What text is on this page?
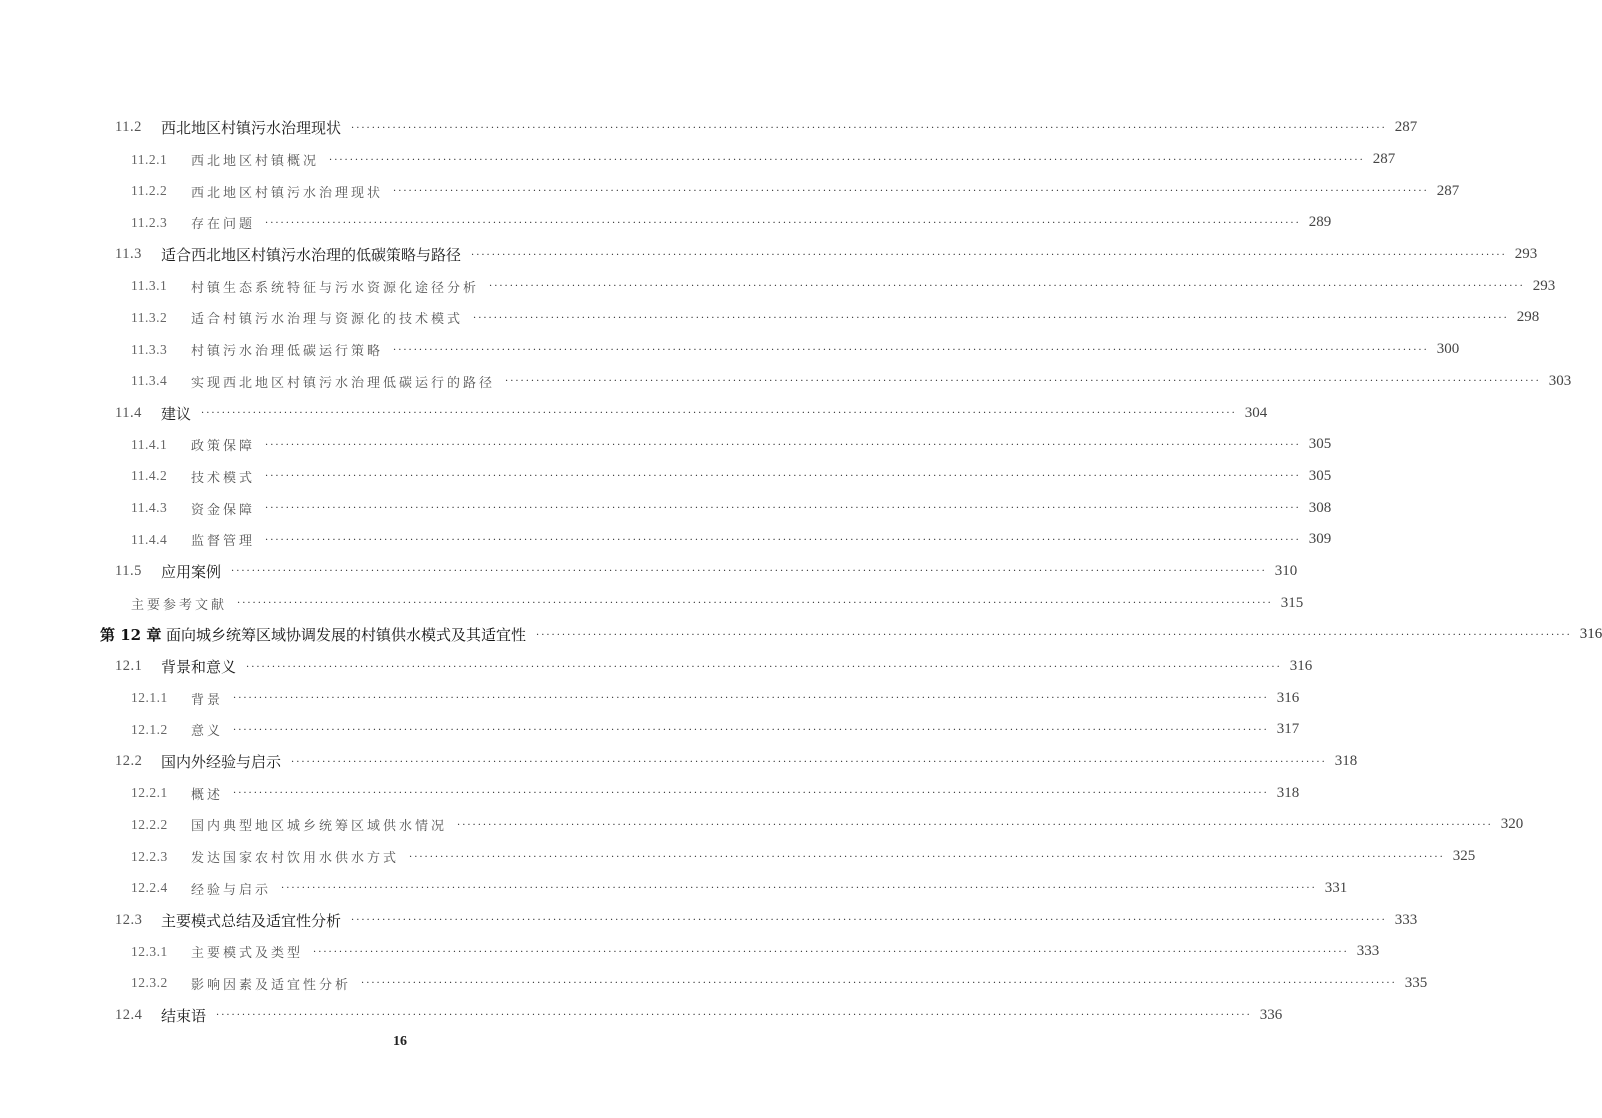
11.2	西北地区村镇污水治理现状 ········································································································································································································ 287
11.2.1	西北地区村镇概况 ········································································································································································································ 287
11.2.2	西北地区村镇污水治理现状 ········································································································································································································ 287
11.2.3	存在问题 ········································································································································································································ 289
11.3	适合西北地区村镇污水治理的低碳策略与路径 ········································································································································································································ 293
11.3.1	村镇生态系统特征与污水资源化途径分析 ········································································································································································································ 293
11.3.2	适合村镇污水治理与资源化的技术模式 ········································································································································································································ 298
11.3.3	村镇污水治理低碳运行策略 ········································································································································································································ 300
11.3.4	实现西北地区村镇污水治理低碳运行的路径 ········································································································································································································ 303
11.4	建议 ········································································································································································································ 304
11.4.1	政策保障 ········································································································································································································ 305
11.4.2	技术模式 ········································································································································································································ 305
11.4.3	资金保障 ········································································································································································································ 308
11.4.4	监督管理 ········································································································································································································ 309
11.5	应用案例 ········································································································································································································ 310
主要参考文献 ········································································································································································································ 315
第 12 章 面向城乡统筹区域协调发展的村镇供水模式及其适宜性 ········································································································································································································ 316
12.1	背景和意义 ········································································································································································································ 316
12.1.1	背景 ········································································································································································································ 316
12.1.2	意义 ········································································································································································································ 317
12.2	国内外经验与启示 ········································································································································································································ 318
12.2.1	概述 ········································································································································································································ 318
12.2.2	国内典型地区城乡统筹区域供水情况 ········································································································································································································ 320
12.2.3	发达国家农村饮用水供水方式 ········································································································································································································ 325
12.2.4	经验与启示 ········································································································································································································ 331
12.3	主要模式总结及适宜性分析 ········································································································································································································ 333
12.3.1	主要模式及类型 ········································································································································································································ 333
12.3.2	影响因素及适宜性分析 ········································································································································································································ 335
12.4	结束语 ········································································································································································································ 336
16
